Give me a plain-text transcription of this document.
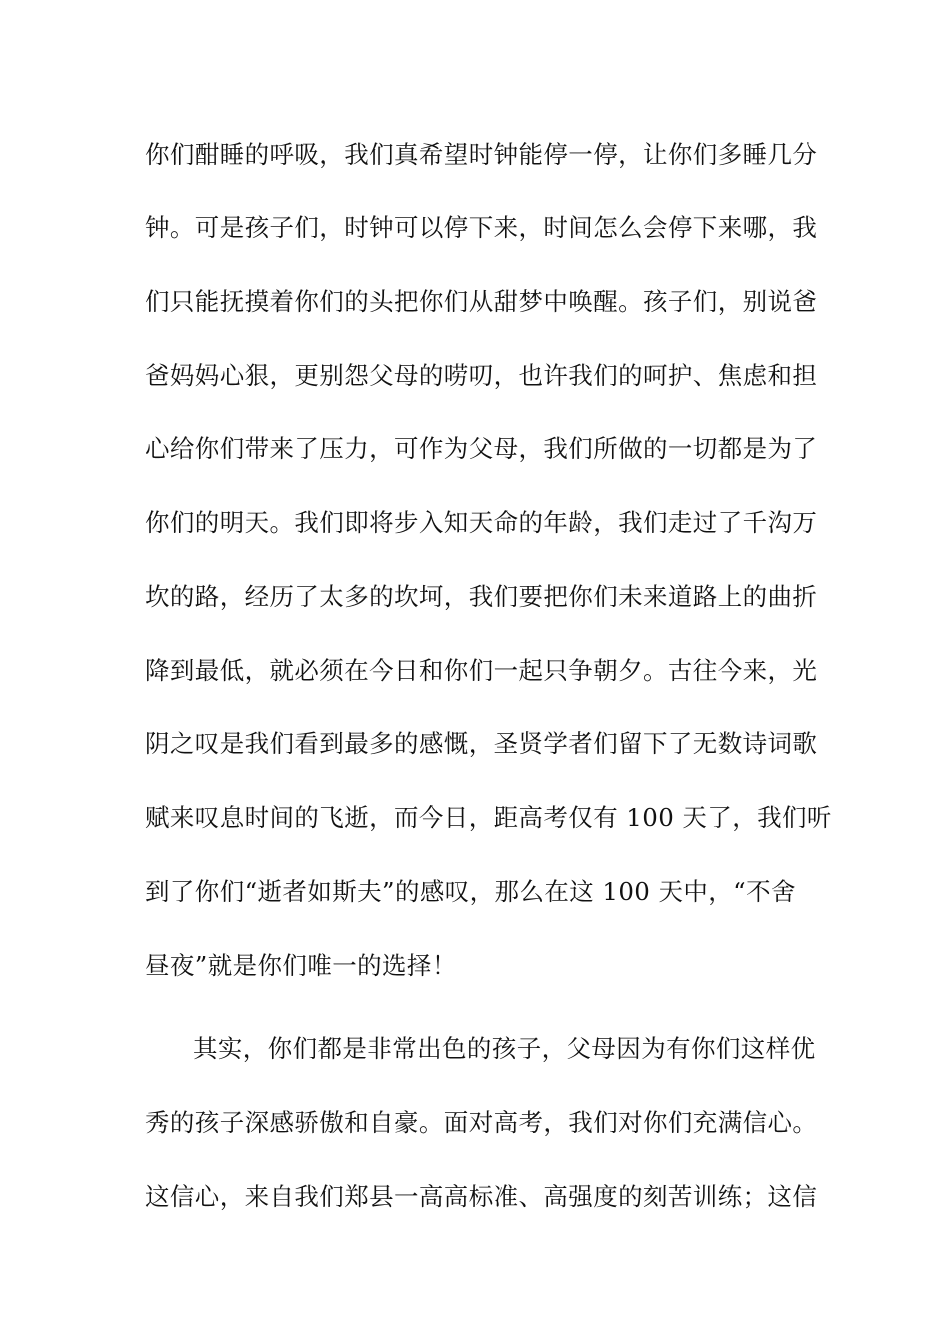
你们酣睡的呼吸，我们真希望时钟能停一停，让你们多睡几分
钟。可是孩子们，时钟可以停下来，时间怎么会停下来哪，我
们只能抚摸着你们的头把你们从甜梦中唤醒。孩子们，别说爸
爸妈妈心狠，更别怨父母的唠叨，也许我们的呵护、焦虑和担
心给你们带来了压力，可作为父母，我们所做的一切都是为了
你们的明天。我们即将步入知天命的年龄，我们走过了千沟万
坎的路，经历了太多的坎坷，我们要把你们未来道路上的曲折
降到最低，就必须在今日和你们一起只争朝夕。古往今来，光
阴之叹是我们看到最多的感慨，圣贤学者们留下了无数诗词歌
赋来叹息时间的飞逝，而今日，距高考仅有 100 天了，我们听
到了你们“逝者如斯夫”的感叹，那么在这 100 天中，“不舍
昼夜”就是你们唯一的选择！
其实，你们都是非常出色的孩子，父母因为有你们这样优
秀的孩子深感骄傲和自豪。面对高考，我们对你们充满信心。
这信心，来自我们郑县一高高标准、高强度的刻苦训练；这信
